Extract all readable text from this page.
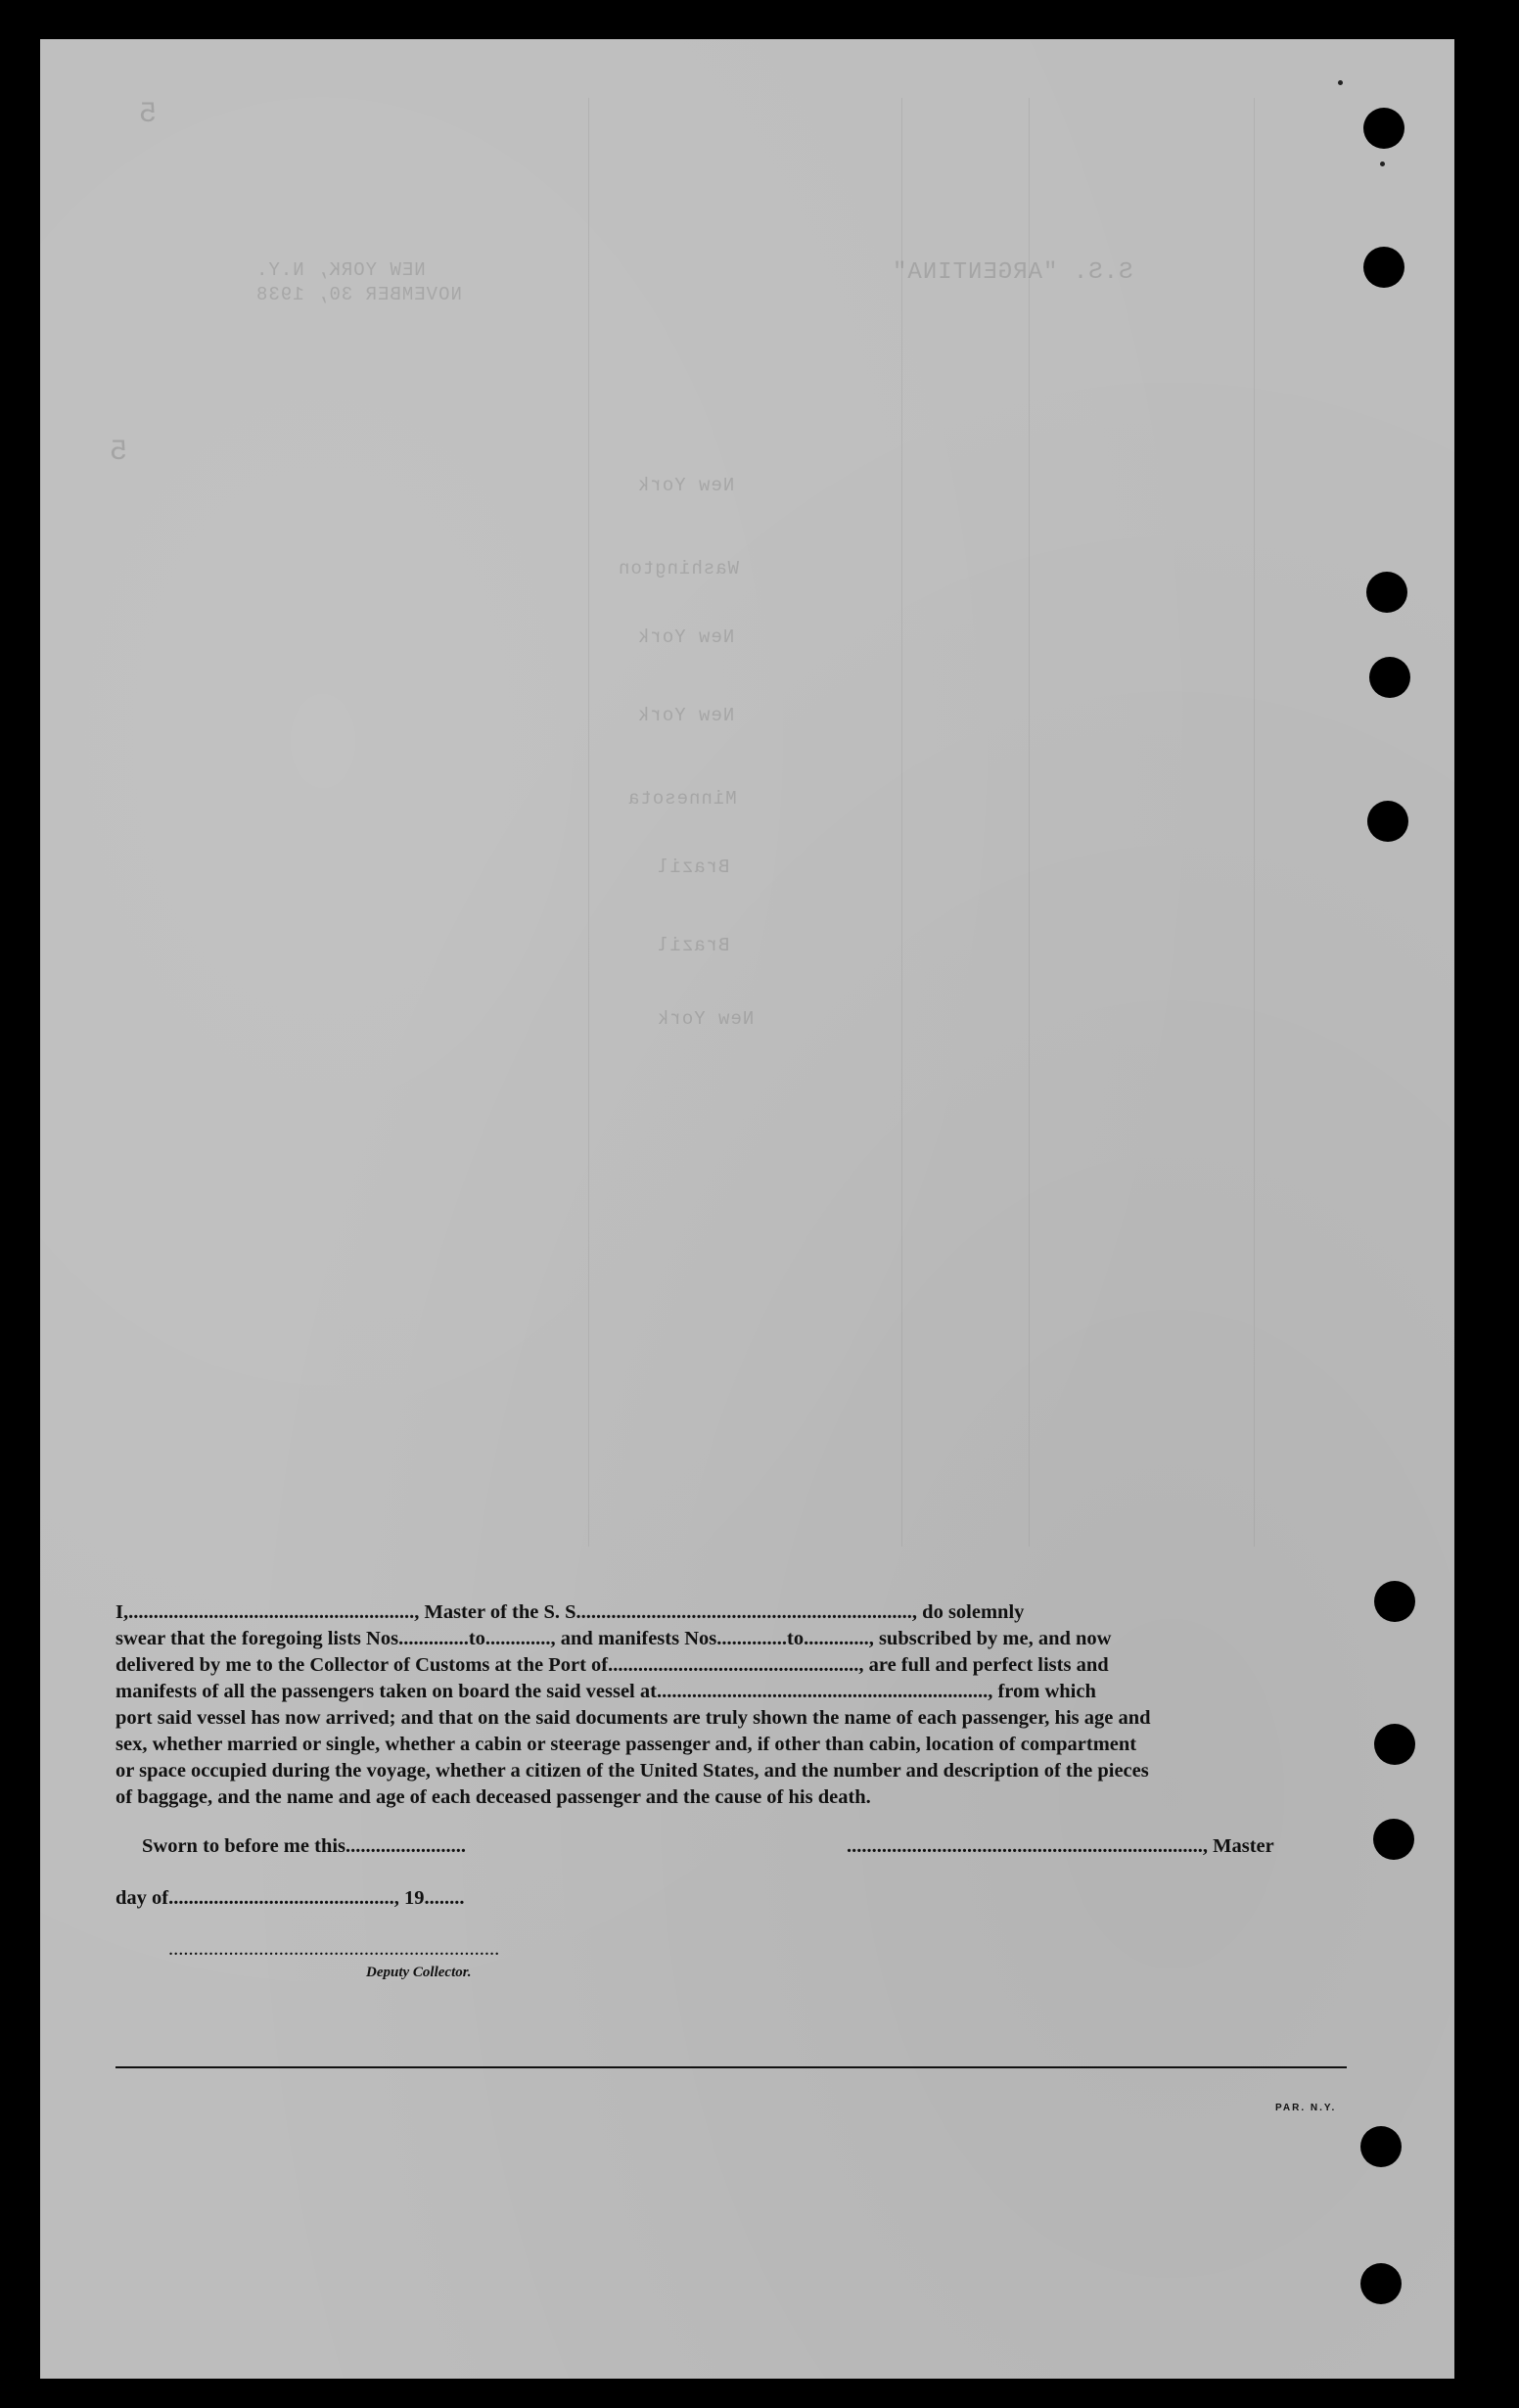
5
5
S.S. "ARGENTINA"
NEW YORK, N.Y.
NOVEMBER 30, 1938
New York
Washington
New York
New York
Minnesota
Brazil
Brazil
New York
I,........................................................., Master of the S. S..................................................................., do solemnly
swear that the foregoing lists Nos..............to............., and manifests Nos..............to............., subscribed by me, and now
delivered by me to the Collector of Customs at the Port of.................................................., are full and perfect lists and
manifests of all the passengers taken on board the said vessel at.................................................................., from which
port said vessel has now arrived; and that on the said documents are truly shown the name of each passenger, his age and
sex, whether married or single, whether a cabin or steerage passenger and, if other than cabin, location of compartment
or space occupied during the voyage, whether a citizen of the United States, and the number and description of the pieces
of baggage, and the name and age of each deceased passenger and the cause of his death.
Sworn to before me this........................	......................................................................., Master
day of............................................., 19........
..................................................................
Deputy Collector.
PAR. N.Y.
